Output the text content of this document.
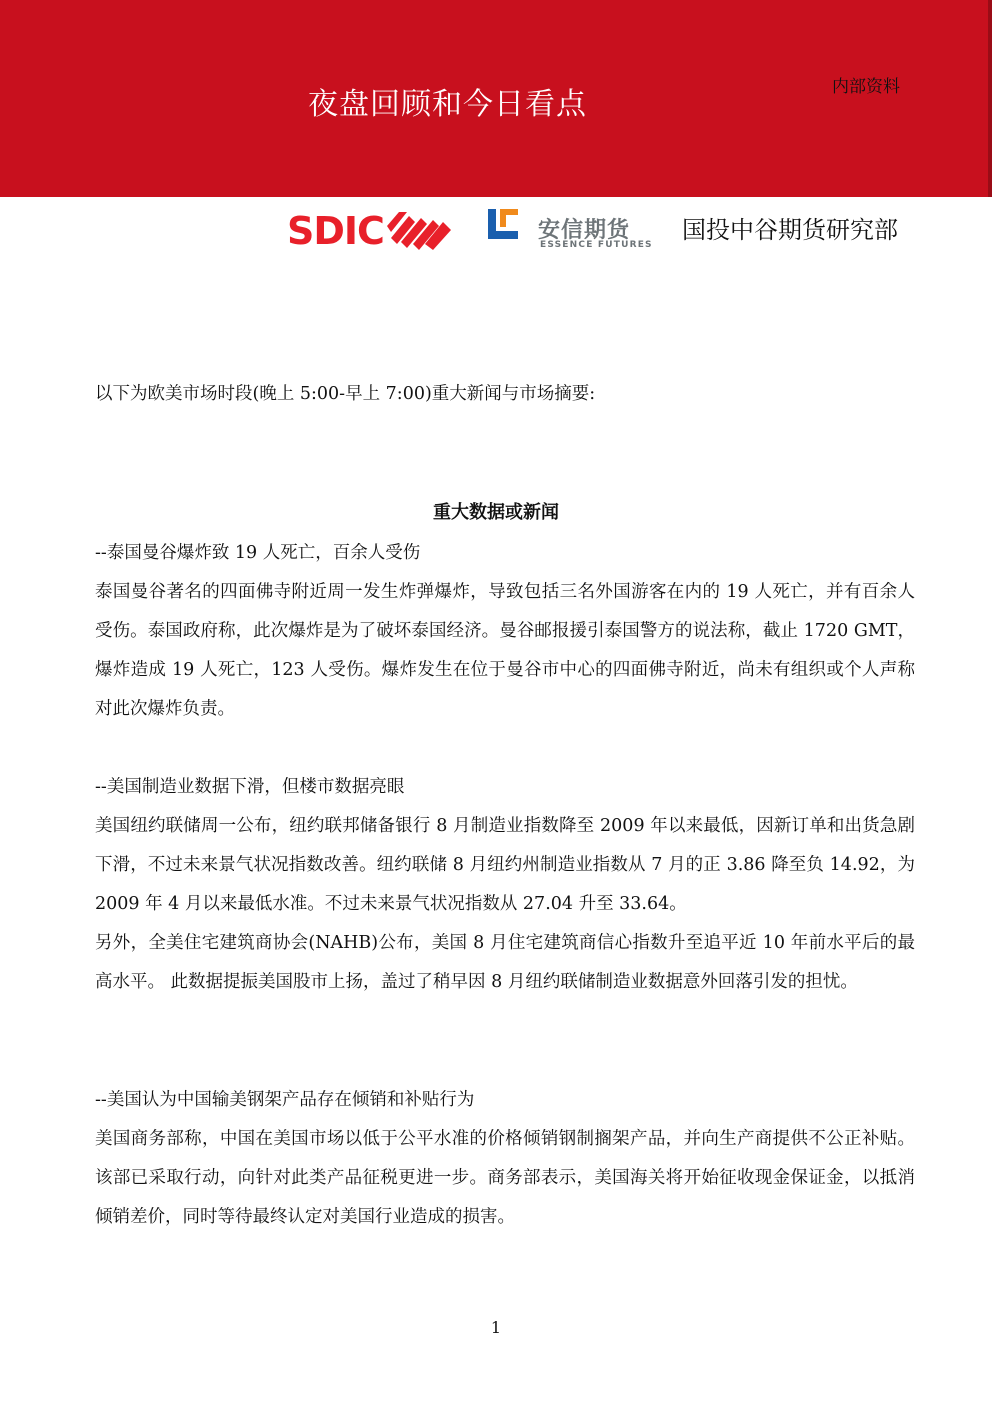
夜盘回顾和今日看点	内部资料
SDIC	安信期货
ESSENCE FUTURES
国投中谷期货研究部
以下为欧美市场时段(晚上 5:00-早上 7:00)重大新闻与市场摘要:
重大数据或新闻

--泰国曼谷爆炸致 19 人死亡，百余人受伤

泰国曼谷著名的四面佛寺附近周一发生炸弹爆炸，导致包括三名外国游客在内的 19 人死亡，并有百余人受伤。泰国政府称，此次爆炸是为了破坏泰国经济。曼谷邮报援引泰国警方的说法称，截止 1720 GMT，爆炸造成 19 人死亡，123 人受伤。爆炸发生在位于曼谷市中心的四面佛寺附近，尚未有组织或个人声称对此次爆炸负责。

--美国制造业数据下滑，但楼市数据亮眼

美国纽约联储周一公布，纽约联邦储备银行 8 月制造业指数降至 2009 年以来最低，因新订单和出货急剧下滑，不过未来景气状况指数改善。纽约联储 8 月纽约州制造业指数从 7 月的正 3.86 降至负 14.92，为 2009 年 4 月以来最低水准。不过未来景气状况指数从 27.04 升至 33.64。

另外，全美住宅建筑商协会(NAHB)公布，美国 8 月住宅建筑商信心指数升至追平近 10 年前水平后的最高水平。 此数据提振美国股市上扬，盖过了稍早因 8 月纽约联储制造业数据意外回落引发的担忧。

--美国认为中国输美钢架产品存在倾销和补贴行为

美国商务部称，中国在美国市场以低于公平水准的价格倾销钢制搁架产品，并向生产商提供不公正补贴。该部已采取行动，向针对此类产品征税更进一步。商务部表示，美国海关将开始征收现金保证金，以抵消倾销差价，同时等待最终认定对美国行业造成的损害。

1
